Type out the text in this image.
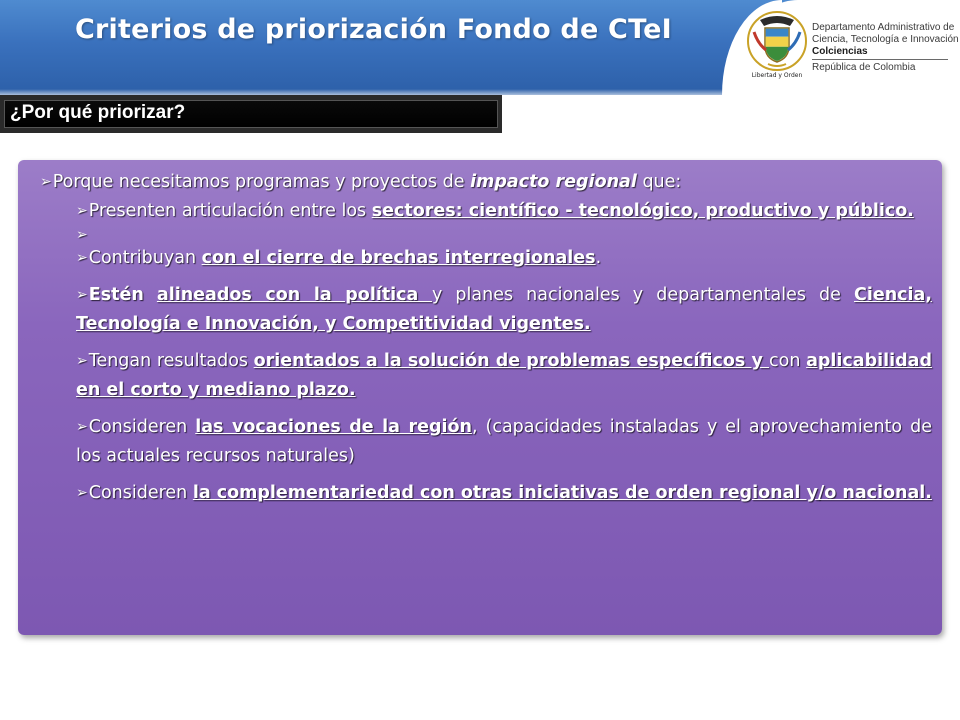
Criterios de priorización Fondo de CTeI
Libertad y Orden
Departamento Administrativo de
Ciencia, Tecnología e Innovación
Colciencias
República de Colombia
¿Por qué priorizar?

➢Porque necesitamos programas y proyectos de impacto regional que:

➢Presenten articulación entre los sectores: científico - tecnológico, productivo y público.

➢

➢Contribuyan con el cierre de brechas interregionales.

➢Estén alineados con la política y planes nacionales y departamentales de Ciencia, Tecnología e Innovación, y Competitividad vigentes.

➢Tengan resultados orientados a la solución de problemas específicos y con aplicabilidad en el corto y mediano plazo.

➢Consideren las vocaciones de la región, (capacidades instaladas y el aprovechamiento de los actuales recursos naturales)

➢Consideren la complementariedad con otras iniciativas de orden regional y/o nacional.
